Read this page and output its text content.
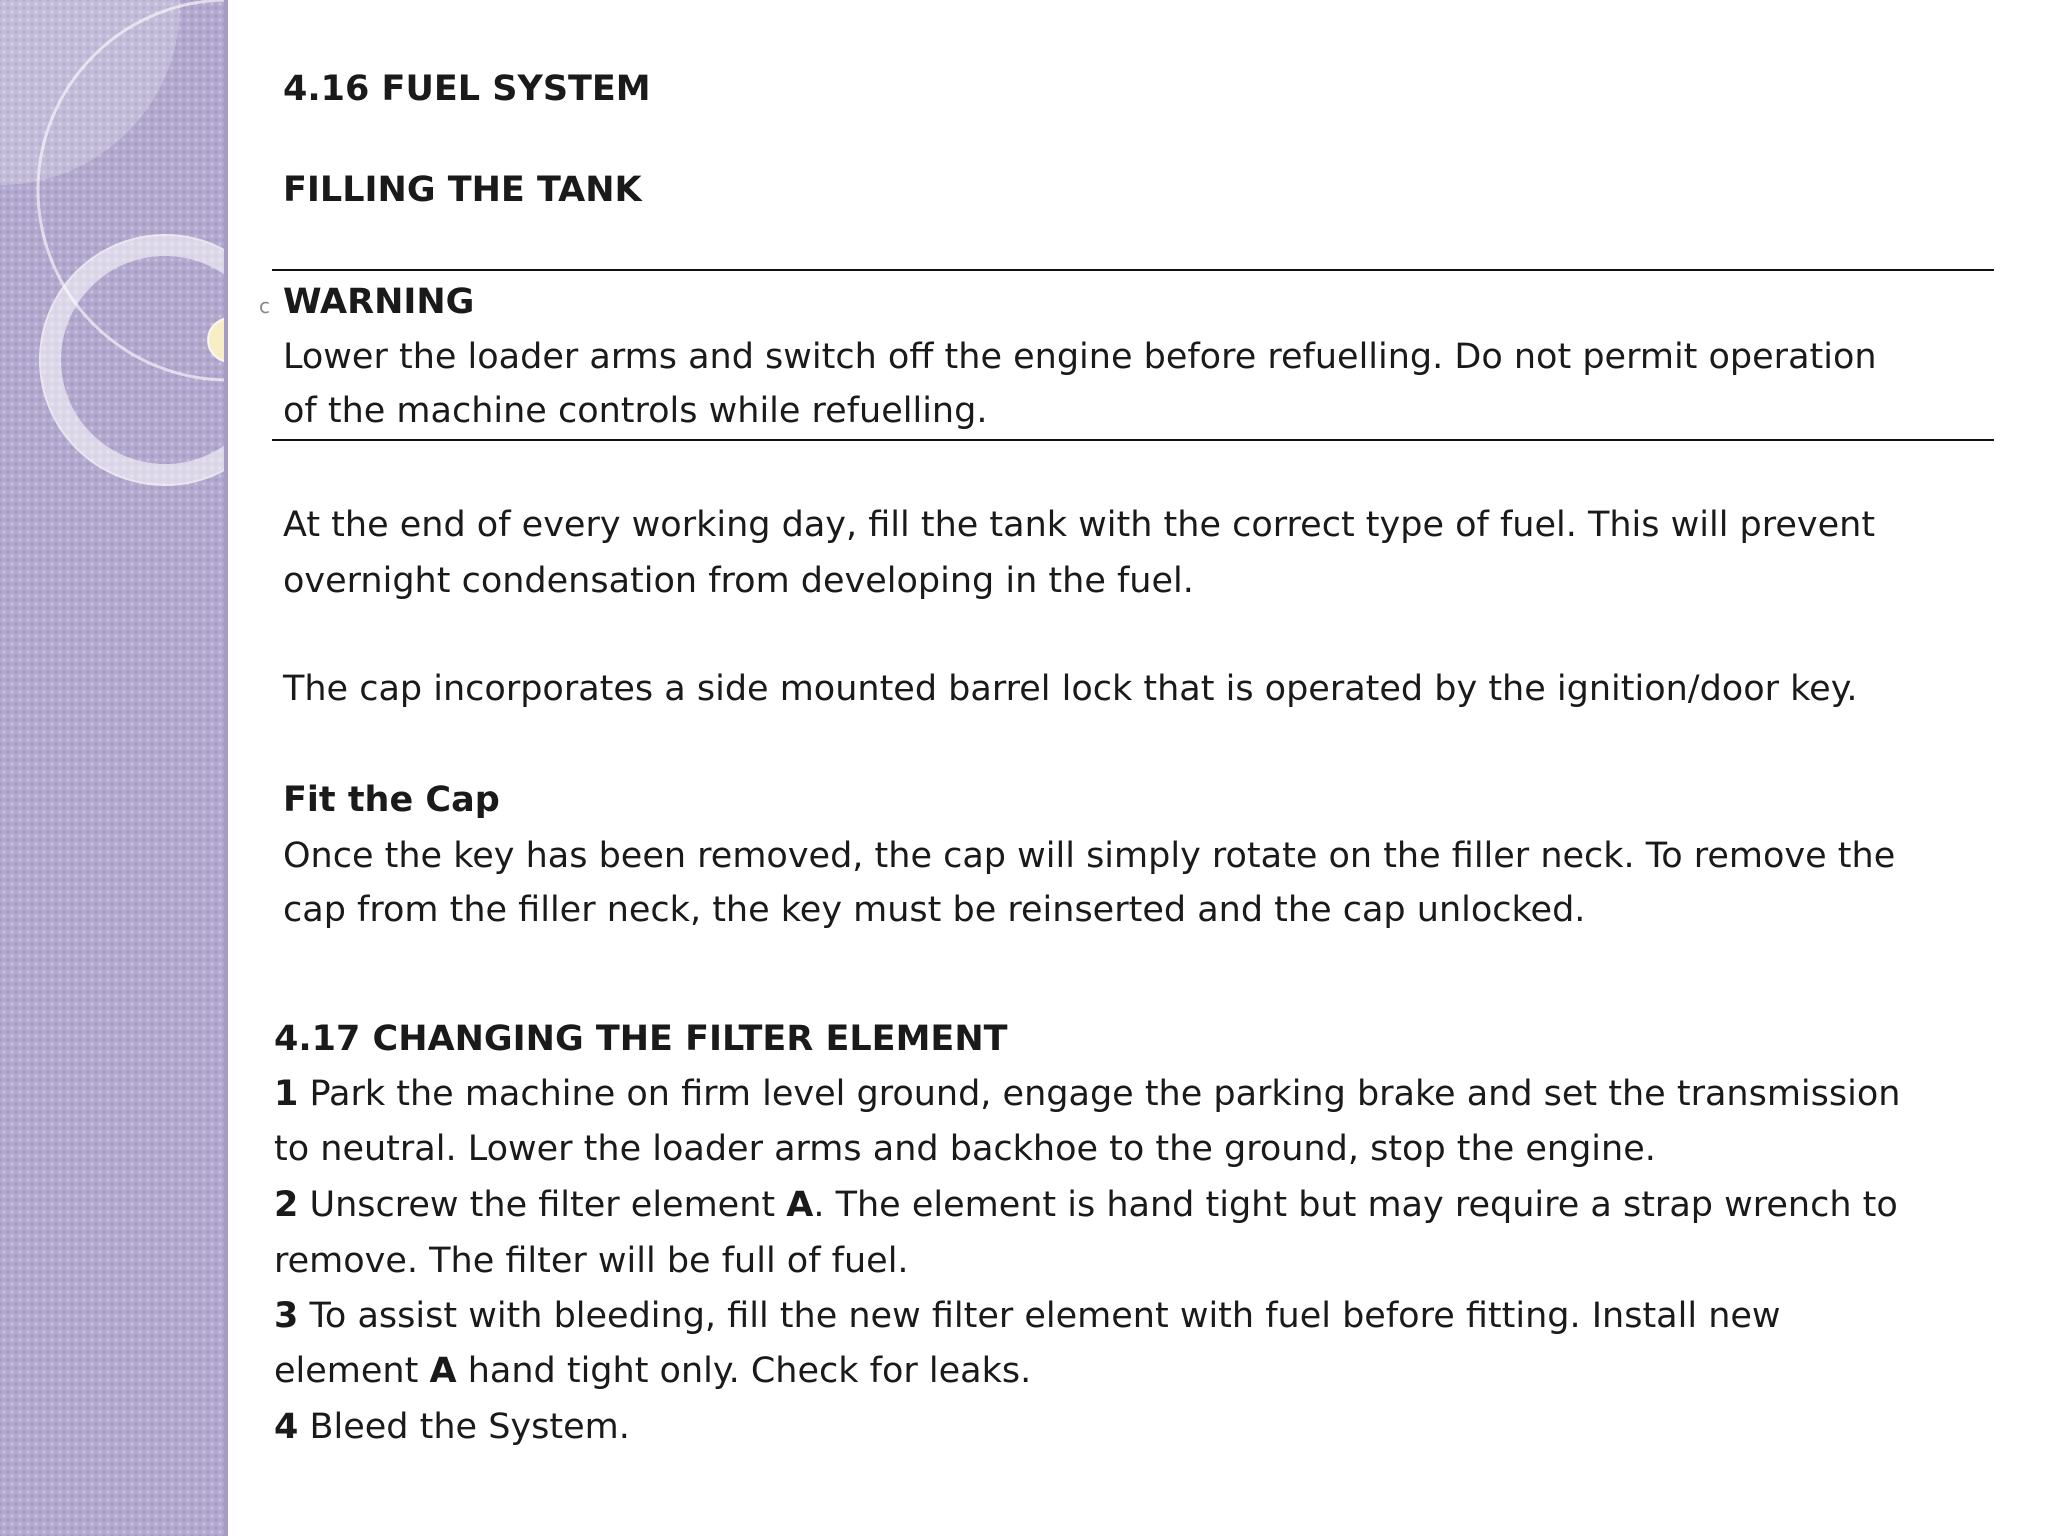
4.16 FUEL SYSTEM
FILLING THE TANK
c WARNING
Lower the loader arms and switch off the engine before refuelling. Do not permit operation
of the machine controls while refuelling.
At the end of every working day, fill the tank with the correct type of fuel. This will prevent
overnight condensation from developing in the fuel.
The cap incorporates a side mounted barrel lock that is operated by the ignition/door key.
Fit the Cap
Once the key has been removed, the cap will simply rotate on the filler neck. To remove the
cap from the filler neck, the key must be reinserted and the cap unlocked.
4.17 CHANGING THE FILTER ELEMENT
1 Park the machine on firm level ground, engage the parking brake and set the transmission
to neutral. Lower the loader arms and backhoe to the ground, stop the engine.
2 Unscrew the filter element A. The element is hand tight but may require a strap wrench to
remove. The filter will be full of fuel.
3 To assist with bleeding, fill the new filter element with fuel before fitting. Install new
element A hand tight only. Check for leaks.
4 Bleed the System.
